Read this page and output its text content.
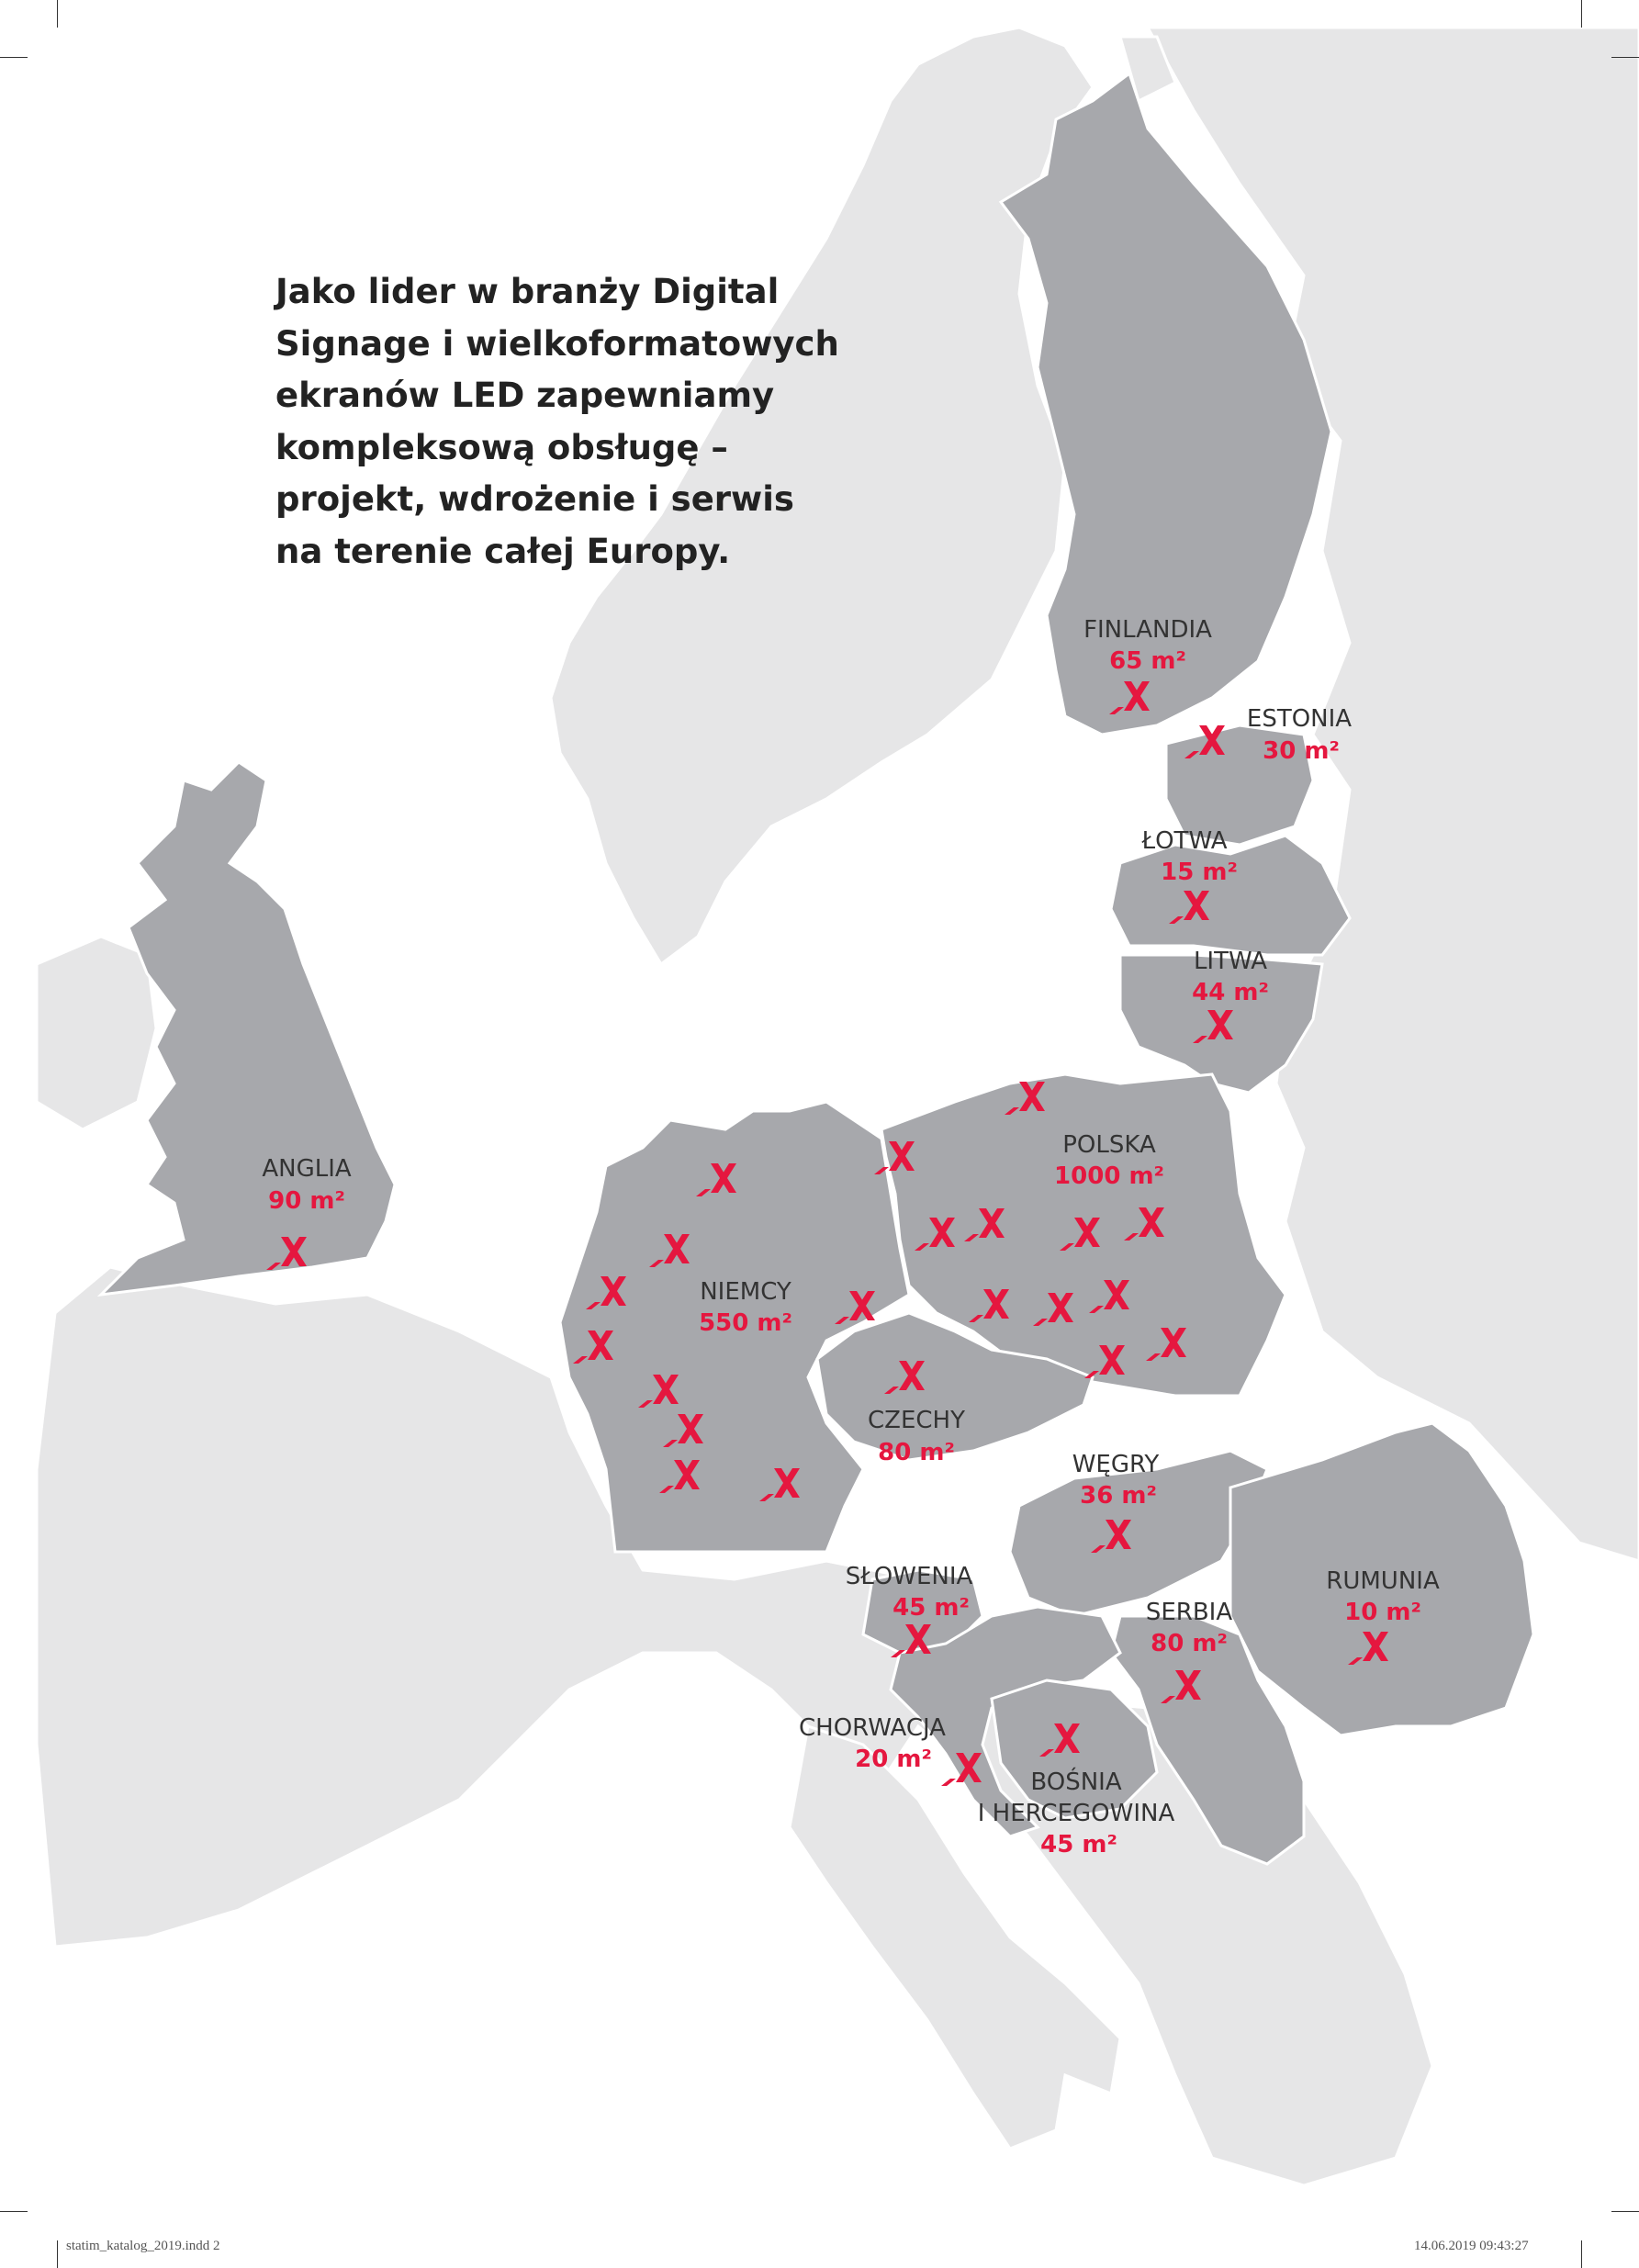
Jako lider w branży Digital
Signage i wielkoformatowych
ekranów LED zapewniamy
kompleksową obsługę –
projekt, wdrożenie i serwis
na terenie całej Europy.
FINLANDIA
65 m²
ESTONIA
30 m²
ŁOTWA
15 m²
LITWA
44 m²
POLSKA
1000 m²
ANGLIA
90 m²
NIEMCY
550 m²
CZECHY
80 m²	WĘGRY
36 m²
SŁOWENIA
45 m²
RUMUNIA
10 m²
SERBIA
80 m²
CHORWACJA
20 m²
BOŚNIA
I HERCEGOWINA
45 m²
statim_katalog_2019.indd 2	14.06.2019 09:43:27
